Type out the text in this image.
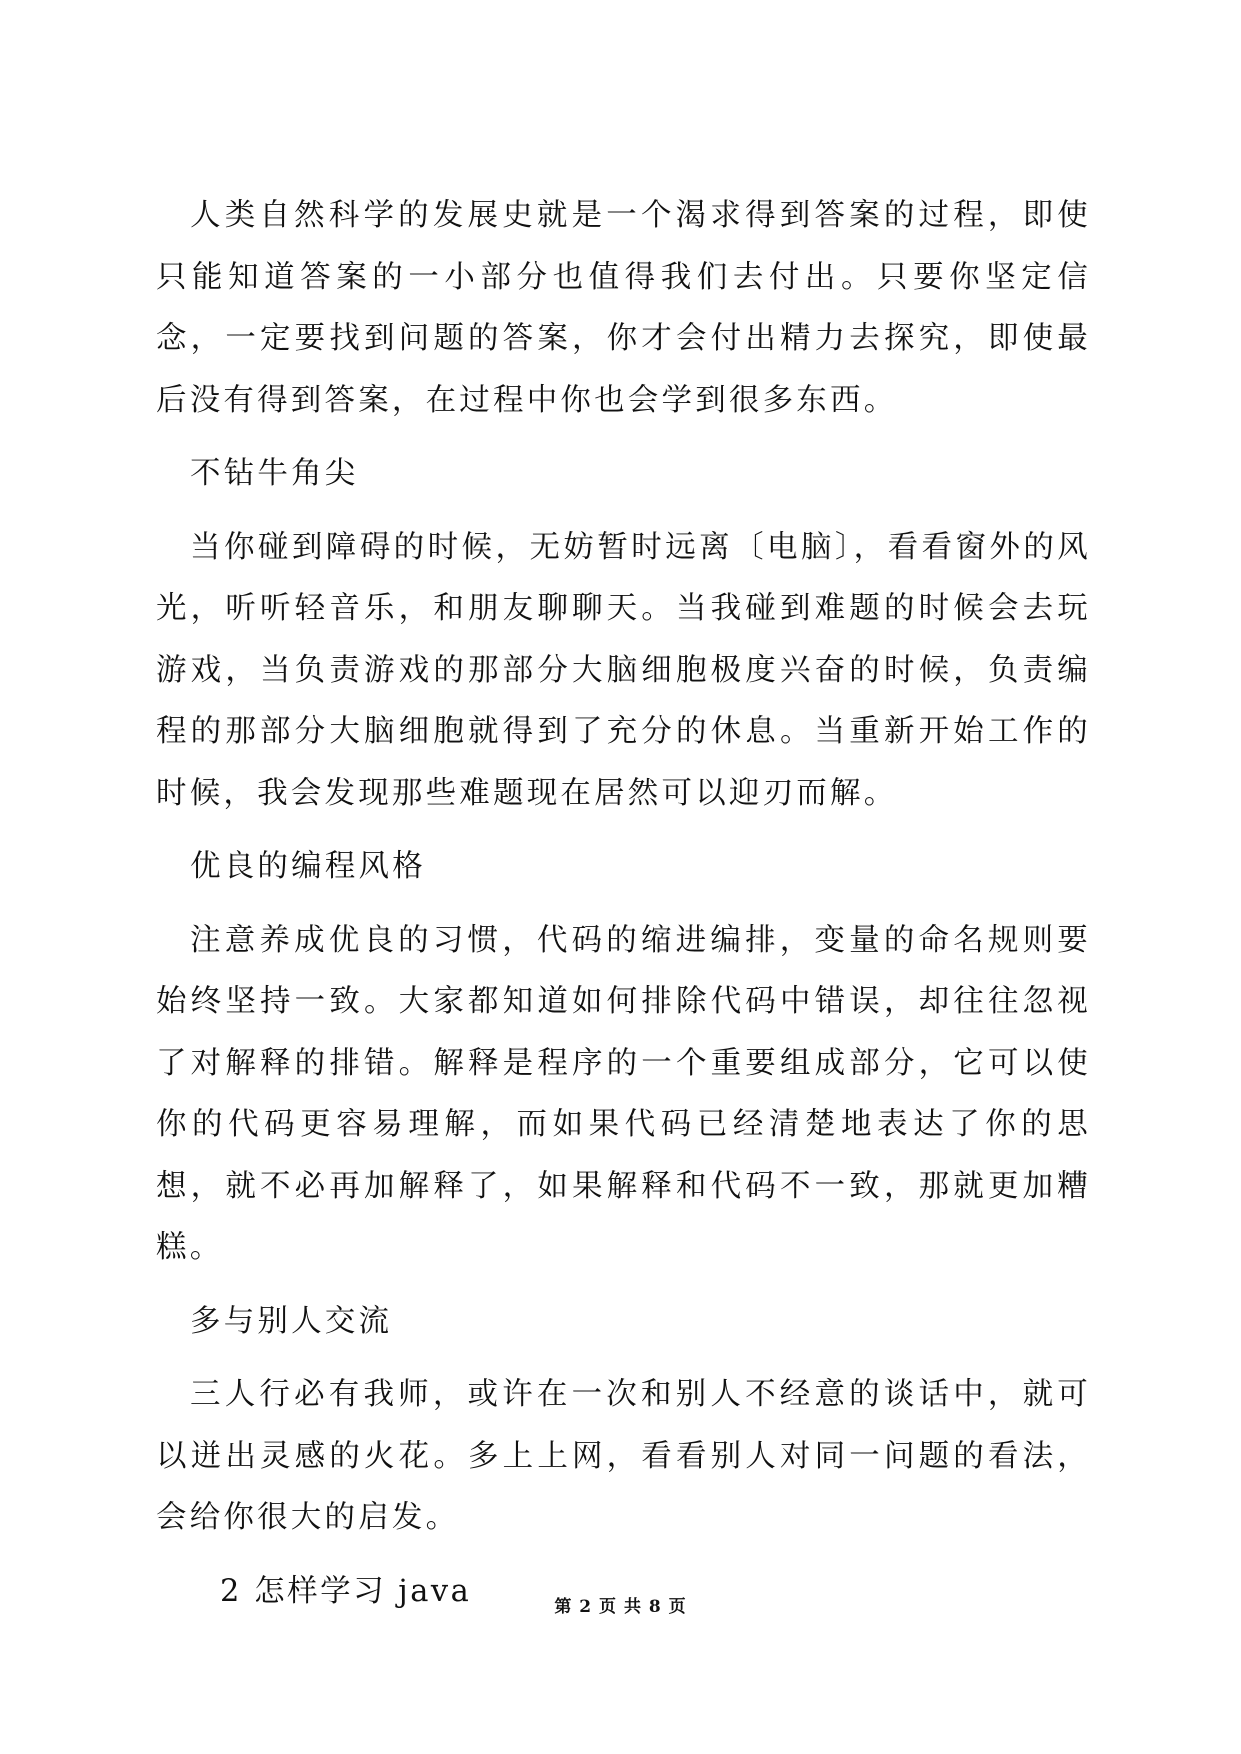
人类自然科学的发展史就是一个渴求得到答案的过程，即使只能知道答案的一小部分也值得我们去付出。只要你坚定信念，一定要找到问题的答案，你才会付出精力去探究，即使最后没有得到答案，在过程中你也会学到很多东西。

不钻牛角尖

当你碰到障碍的时候，无妨暂时远离〔电脑〕，看看窗外的风光，听听轻音乐，和朋友聊聊天。当我碰到难题的时候会去玩游戏，当负责游戏的那部分大脑细胞极度兴奋的时候，负责编程的那部分大脑细胞就得到了充分的休息。当重新开始工作的时候，我会发现那些难题现在居然可以迎刃而解。

优良的编程风格

注意养成优良的习惯，代码的缩进编排，变量的命名规则要始终坚持一致。大家都知道如何排除代码中错误，却往往忽视了对解释的排错。解释是程序的一个重要组成部分，它可以使你的代码更容易理解，而如果代码已经清楚地表达了你的思想，就不必再加解释了，如果解释和代码不一致，那就更加糟糕。

多与别人交流

三人行必有我师，或许在一次和别人不经意的谈话中，就可以迸出灵感的火花。多上上网，看看别人对同一问题的看法，会给你很大的启发。

2 怎样学习 java	第 2 页 共 8 页
